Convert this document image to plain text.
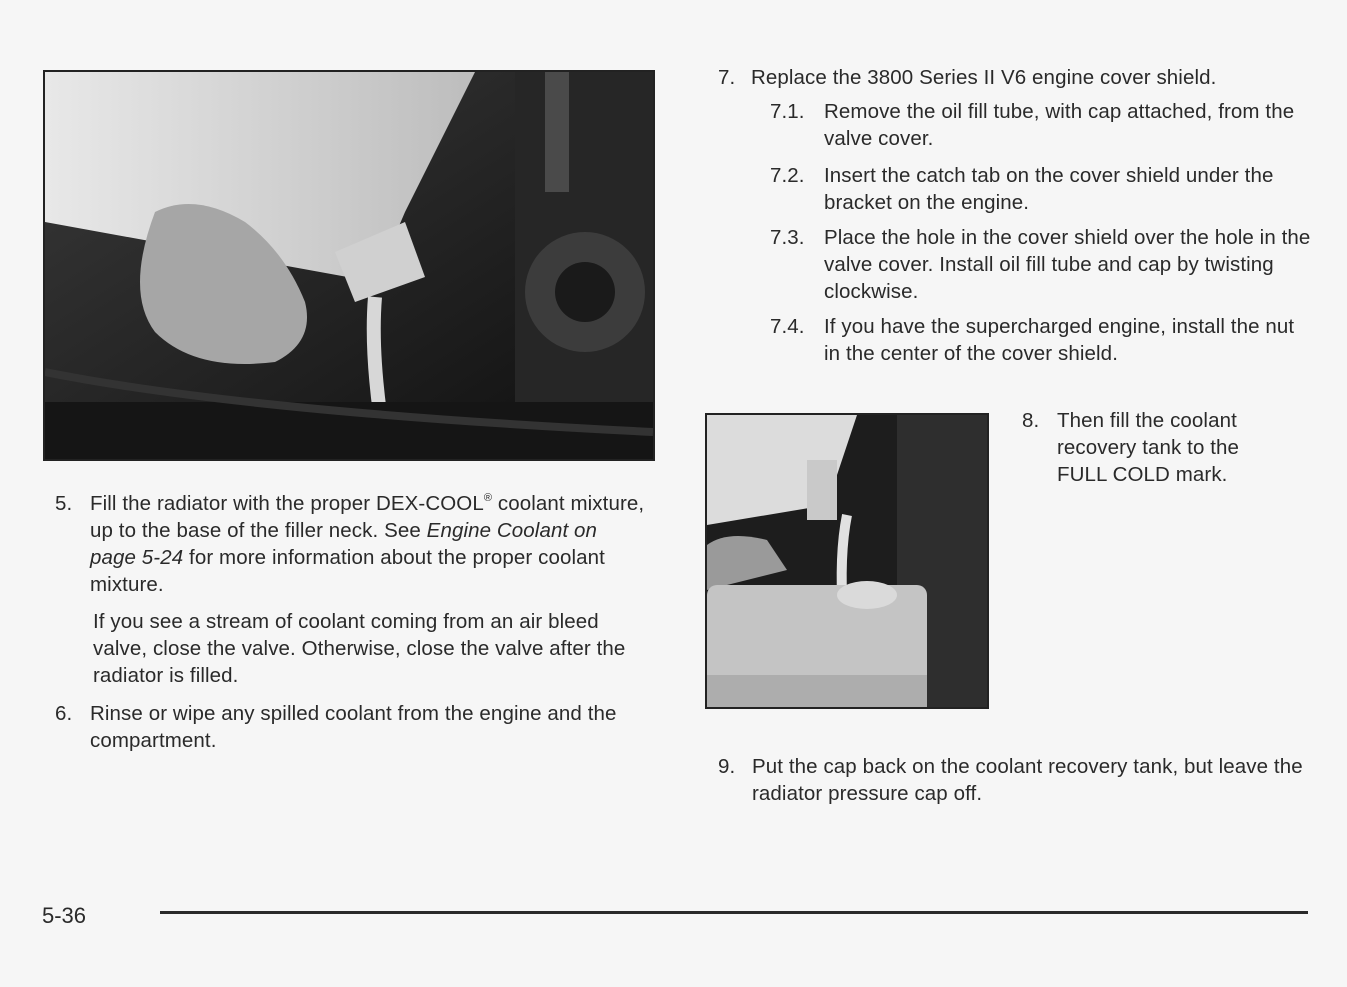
5. Fill the radiator with the proper DEX-COOL® coolant mixture, up to the base of the filler neck. See Engine Coolant on page 5-24 for more information about the proper coolant mixture.
If you see a stream of coolant coming from an air bleed valve, close the valve. Otherwise, close the valve after the radiator is filled.
6. Rinse or wipe any spilled coolant from the engine and the compartment.
7. Replace the 3800 Series II V6 engine cover shield.
7.1. Remove the oil fill tube, with cap attached, from the valve cover.
7.2. Insert the catch tab on the cover shield under the bracket on the engine.
7.3. Place the hole in the cover shield over the hole in the valve cover. Install oil fill tube and cap by twisting clockwise.
7.4. If you have the supercharged engine, install the nut in the center of the cover shield.
8. Then fill the coolant recovery tank to the FULL COLD mark.
9. Put the cap back on the coolant recovery tank, but leave the radiator pressure cap off.
5-36
